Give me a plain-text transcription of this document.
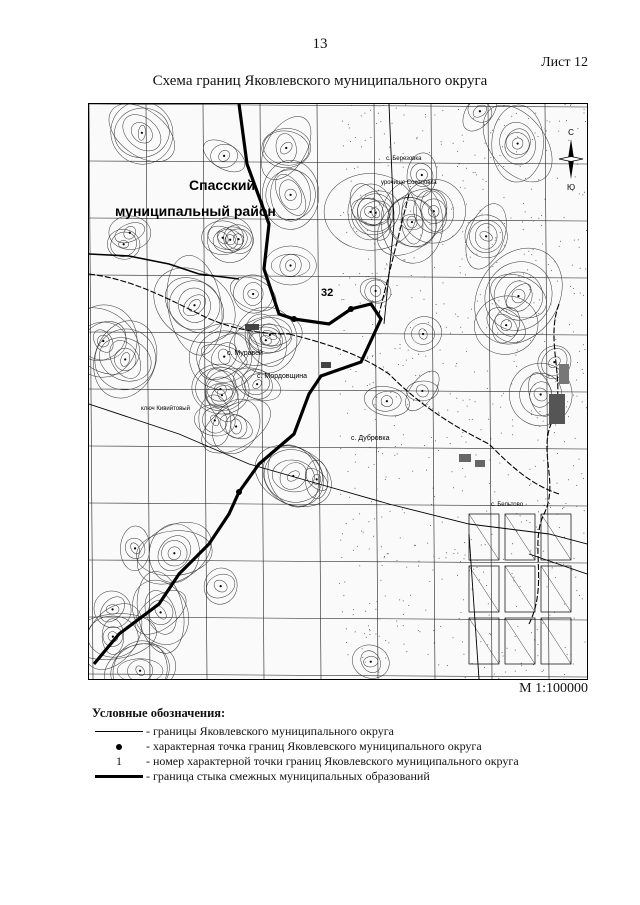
13
Лист 12
Схема границ Яковлевского муниципального округа
С
Ю
Спасский
муниципальный район
32
с. Муравей
с. Мордовщина
с. Дубровка
с. Бельтово
урочище Соколовка
ключ Кивийтовый
с. Березовка
М 1:100000
Условные обозначения:
- границы Яковлевского муниципального округа
- характерная точка границ Яковлевского муниципального округа
1 - номер характерной точки границ Яковлевского муниципального округа
- граница стыка смежных муниципальных образований
